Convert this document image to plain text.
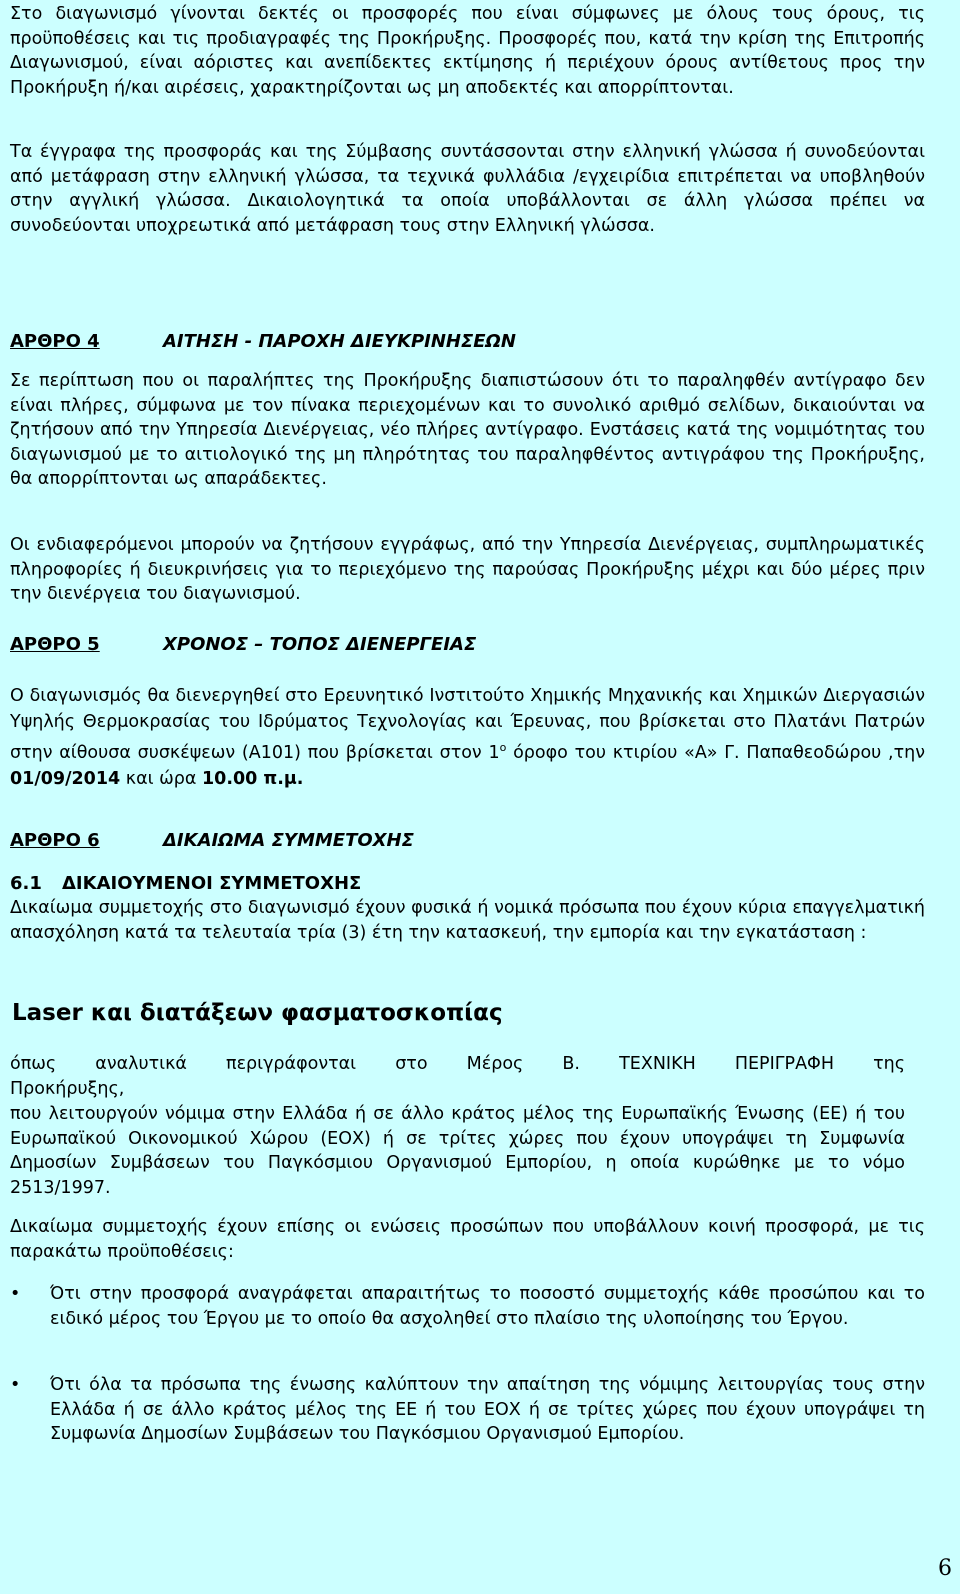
Στο διαγωνισμό γίνονται δεκτές οι προσφορές που είναι σύμφωνες με όλους τους όρους, τις προϋποθέσεις και τις προδιαγραφές της Προκήρυξης. Προσφορές που, κατά την κρίση της Επιτροπής Διαγωνισμού, είναι αόριστες και ανεπίδεκτες εκτίμησης ή περιέχουν όρους αντίθετους προς την Προκήρυξη ή/και αιρέσεις, χαρακτηρίζονται ως μη αποδεκτές και απορρίπτονται.

Τα έγγραφα της προσφοράς και της Σύμβασης συντάσσονται στην ελληνική γλώσσα ή συνοδεύονται από μετάφραση στην ελληνική γλώσσα, τα τεχνικά φυλλάδια /εγχειρίδια επιτρέπεται να υποβληθούν στην αγγλική γλώσσα. Δικαιολογητικά τα οποία υποβάλλονται σε άλλη γλώσσα πρέπει να συνοδεύονται υποχρεωτικά από μετάφραση τους στην Ελληνική γλώσσα.

ΑΡΘΡΟ 4	ΑΙΤΗΣΗ - ΠΑΡΟΧΗ ΔΙΕΥΚΡΙΝΗΣΕΩΝ

Σε περίπτωση που οι παραλήπτες της Προκήρυξης διαπιστώσουν ότι το παραληφθέν αντίγραφο δεν είναι πλήρες, σύμφωνα με τον πίνακα περιεχομένων και το συνολικό αριθμό σελίδων, δικαιούνται να ζητήσουν από την Υπηρεσία Διενέργειας, νέο πλήρες αντίγραφο. Ενστάσεις κατά της νομιμότητας του διαγωνισμού με το αιτιολογικό της μη πληρότητας του παραληφθέντος αντιγράφου της Προκήρυξης, θα απορρίπτονται ως απαράδεκτες.

Οι ενδιαφερόμενοι μπορούν να ζητήσουν εγγράφως, από την Υπηρεσία Διενέργειας, συμπληρωματικές πληροφορίες ή διευκρινήσεις για το περιεχόμενο της παρούσας Προκήρυξης μέχρι και δύο μέρες πριν την διενέργεια του διαγωνισμού.

ΑΡΘΡΟ 5	ΧΡΟΝΟΣ – ΤΟΠΟΣ ΔΙΕΝΕΡΓΕΙΑΣ

Ο διαγωνισμός θα διενεργηθεί στο Ερευνητικό Ινστιτούτο Χημικής Μηχανικής και Χημικών Διεργασιών Υψηλής Θερμοκρασίας του Ιδρύματος Τεχνολογίας και Έρευνας, που βρίσκεται στο Πλατάνι Πατρών στην αίθουσα συσκέψεων (Α101) που βρίσκεται στον $1^o$ όροφο του κτιρίου «Α» Γ. Παπαθεοδώρου ,την 01/09/2014 και ώρα 10.00 π.μ.

ΑΡΘΡΟ 6	ΔΙΚΑΙΩΜΑ ΣΥΜΜΕΤΟΧΗΣ
6.1 ΔΙΚΑΙΟΥΜΕΝΟΙ ΣΥΜΜΕΤΟΧΗΣ

Δικαίωμα συμμετοχής στο διαγωνισμό έχουν φυσικά ή νομικά πρόσωπα που έχουν κύρια επαγγελματική απασχόληση κατά τα τελευταία τρία (3) έτη την κατασκευή, την εμπορία και την εγκατάσταση :

Laser και διατάξεων φασματοσκοπίας

όπως αναλυτικά περιγράφονται στο Μέρος Β. ΤΕΧΝΙΚΗ ΠΕΡΙΓΡΑΦΗ της

Προκήρυξης,

που λειτουργούν νόμιμα στην Ελλάδα ή σε άλλο κράτος μέλος της Ευρωπαϊκής Ένωσης (ΕΕ) ή του Ευρωπαϊκού Οικονομικού Χώρου (ΕΟΧ) ή σε τρίτες χώρες που έχουν υπογράψει τη Συμφωνία Δημοσίων Συμβάσεων του Παγκόσμιου Οργανισμού Εμπορίου, η οποία κυρώθηκε με το νόμο 2513/1997.

Δικαίωμα συμμετοχής έχουν επίσης οι ενώσεις προσώπων που υποβάλλουν κοινή προσφορά, με τις παρακάτω προϋποθέσεις:

• Ότι στην προσφορά αναγράφεται απαραιτήτως το ποσοστό συμμετοχής κάθε προσώπου και το ειδικό μέρος του Έργου με το οποίο θα ασχοληθεί στο πλαίσιο της υλοποίησης του Έργου.

• Ότι όλα τα πρόσωπα της ένωσης καλύπτουν την απαίτηση της νόμιμης λειτουργίας τους στην Ελλάδα ή σε άλλο κράτος μέλος της ΕΕ ή του ΕΟΧ ή σε τρίτες χώρες που έχουν υπογράψει τη Συμφωνία Δημοσίων Συμβάσεων του Παγκόσμιου Οργανισμού Εμπορίου.

6
